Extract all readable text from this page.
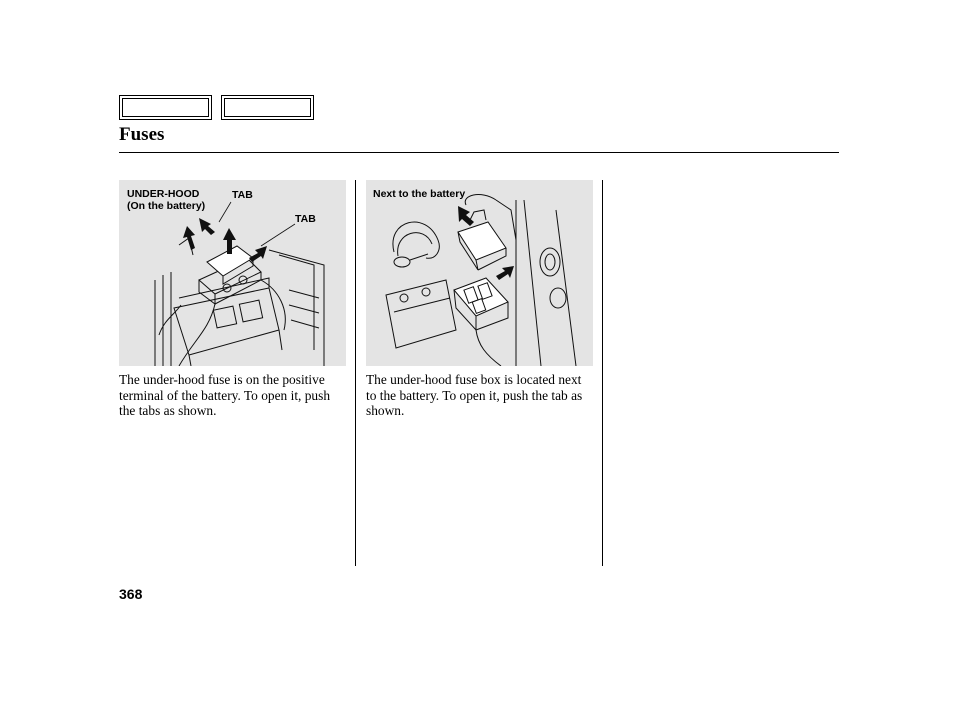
Fuses
UNDER-HOOD
(On the battery)
TAB
TAB
Next to the battery

The under-hood fuse is on the positive terminal of the battery. To open it, push the tabs as shown.

The under-hood fuse box is located next to the battery. To open it, push the tab as shown.

368
